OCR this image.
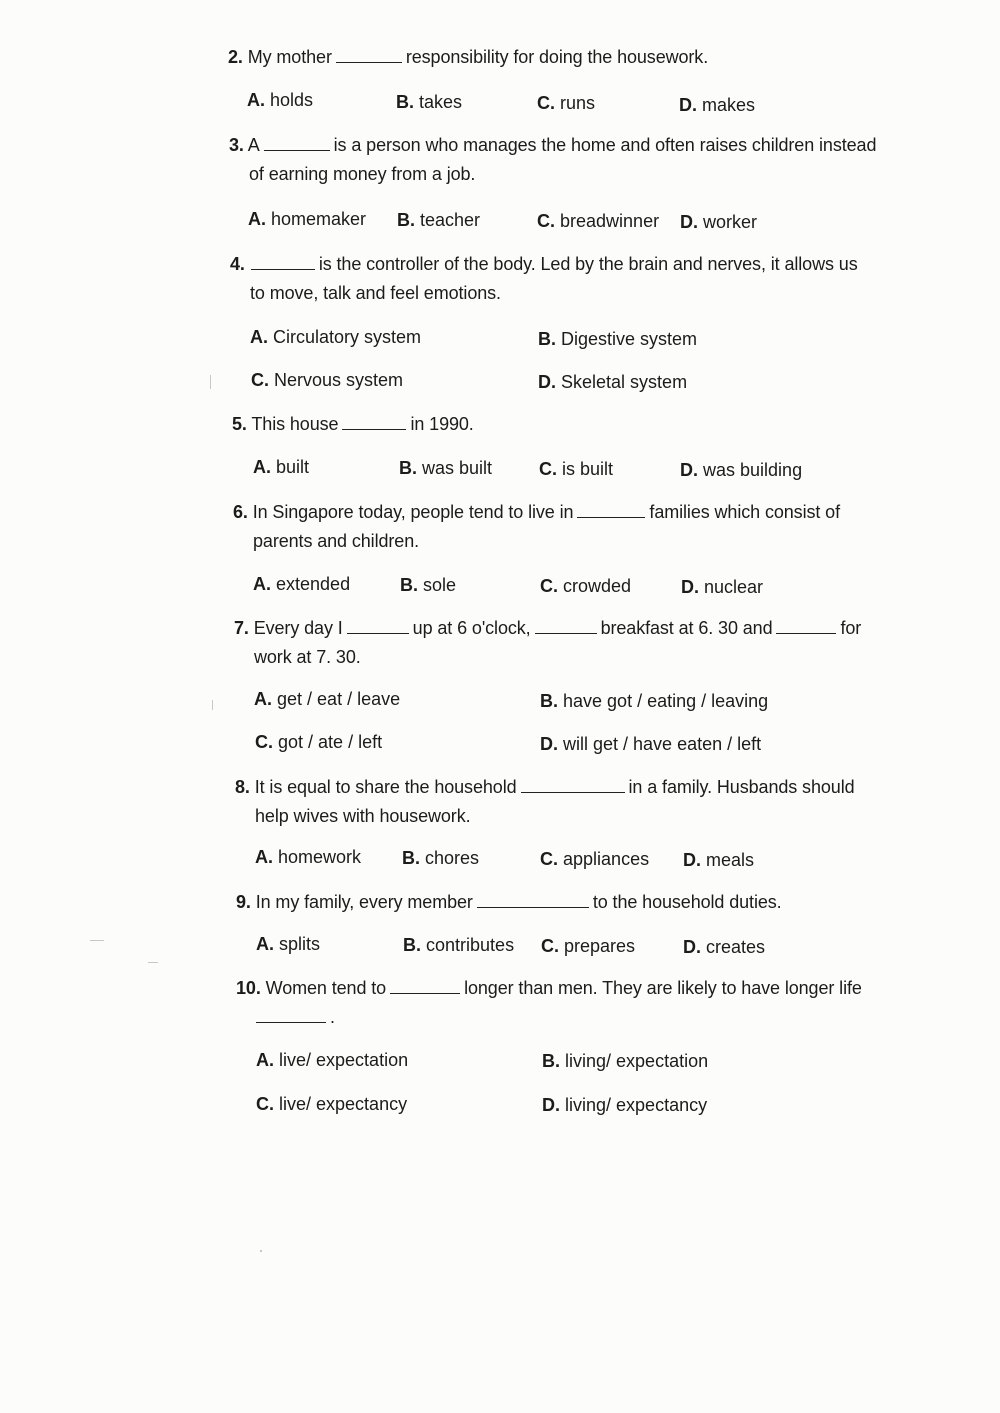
2. My mother	responsibility for doing the housework.
A. holds	B. takes	C. runs	D. makes
3. A	is a person who manages the home and often raises children instead
of earning money from a job.
A. homemaker B. teacher	C. breadwinner D. worker
4.	is the controller of the body. Led by the brain and nerves, it allows us
to move, talk and feel emotions.
A. Circulatory system	B. Digestive system
C. Nervous system	D. Skeletal system
5. This house	in 1990.
A. built	B. was built	C. is built	D. was building
6. In Singapore today, people tend to live in	families which consist of
parents and children.
A. extended	B. sole	C. crowded	D. nuclear
7. Every day I	up at 6 o'clock,	breakfast at 6. 30 and	for
work at 7. 30.
A. get / eat / leave	B. have got / eating / leaving
C. got / ate / left	D. will get / have eaten / left
8. It is equal to share the household	in a family. Husbands should
help wives with housework.
A. homework B. chores	C. appliances D. meals
9. In my family, every member	to the household duties.
A. splits	B. contributes C. prepares	D. creates
10. Women tend to	longer than men. They are likely to have longer life
.
A. live/ expectation	B. living/ expectation
C. live/ expectancy	D. living/ expectancy
